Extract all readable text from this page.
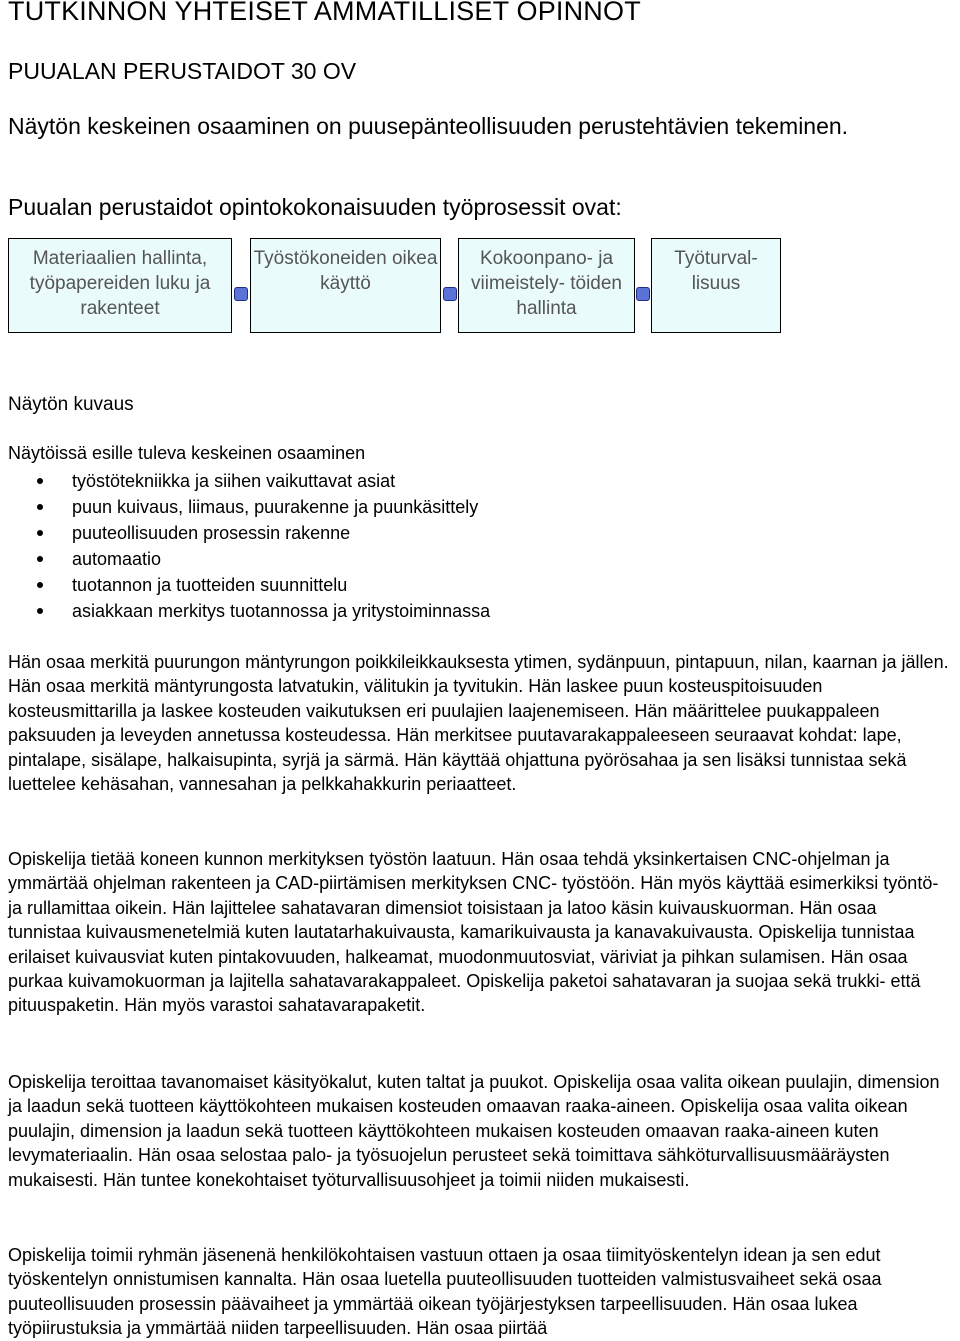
TUTKINNON YHTEISET AMMATILLISET OPINNOT
PUUALAN PERUSTAIDOT 30 OV
Näytön keskeinen osaaminen on puusepänteollisuuden perustehtävien tekeminen.
Puualan perustaidot opintokokonaisuuden työprosessit ovat:
Materiaalien hallinta, työpapereiden luku ja rakenteet
Työstökoneiden oikea käyttö
Kokoonpano- ja viimeistely- töiden hallinta
Työturval- lisuus
Näytön kuvaus
Näytöissä esille tuleva keskeinen osaaminen
työstötekniikka ja siihen vaikuttavat asiat
puun kuivaus, liimaus, puurakenne ja puunkäsittely
puuteollisuuden prosessin rakenne
automaatio
tuotannon ja tuotteiden suunnittelu
asiakkaan merkitys tuotannossa ja yritystoiminnassa

Hän osaa merkitä puurungon mäntyrungon poikkileikkauksesta ytimen, sydänpuun, pintapuun, nilan, kaarnan ja jällen. Hän osaa merkitä mäntyrungosta latvatukin, välitukin ja tyvitukin. Hän laskee puun kosteuspitoisuuden kosteusmittarilla ja laskee kosteuden vaikutuksen eri puulajien laajenemiseen. Hän määrittelee puukappaleen paksuuden ja leveyden annetussa kosteudessa. Hän merkitsee puutavarakappaleeseen seuraavat kohdat: lape, pintalape, sisälape, halkaisupinta, syrjä ja särmä. Hän käyttää ohjattuna pyörösahaa ja sen lisäksi tunnistaa sekä luettelee kehäsahan, vannesahan ja pelkkahakkurin periaatteet.

Opiskelija tietää koneen kunnon merkityksen työstön laatuun. Hän osaa tehdä yksinkertaisen CNC-ohjelman ja ymmärtää ohjelman rakenteen ja CAD-piirtämisen merkityksen CNC- työstöön. Hän myös käyttää esimerkiksi työntö- ja rullamittaa oikein. Hän lajittelee sahatavaran dimensiot toisistaan ja latoo käsin kuivauskuorman. Hän osaa tunnistaa kuivausmenetelmiä kuten lautatarhakuivausta, kamarikuivausta ja kanavakuivausta. Opiskelija tunnistaa erilaiset kuivausviat kuten pintakovuuden, halkeamat, muodonmuutosviat, väriviat ja pihkan sulamisen. Hän osaa purkaa kuivamokuorman ja lajitella sahatavarakappaleet. Opiskelija paketoi sahatavaran ja suojaa sekä trukki- että pituuspaketin. Hän myös varastoi sahatavarapaketit.

Opiskelija teroittaa tavanomaiset käsityökalut, kuten taltat ja puukot. Opiskelija osaa valita oikean puulajin, dimension ja laadun sekä tuotteen käyttökohteen mukaisen kosteuden omaavan raaka-aineen. Opiskelija osaa valita oikean puulajin, dimension ja laadun sekä tuotteen käyttökohteen mukaisen kosteuden omaavan raaka-aineen kuten levymateriaalin. Hän osaa selostaa palo- ja työsuojelun perusteet sekä toimittava sähköturvallisuusmääräysten mukaisesti. Hän tuntee konekohtaiset työturvallisuusohjeet ja toimii niiden mukaisesti.

Opiskelija toimii ryhmän jäsenenä henkilökohtaisen vastuun ottaen ja osaa tiimityöskentelyn idean ja sen edut työskentelyn onnistumisen kannalta. Hän osaa luetella puuteollisuuden tuotteiden valmistusvaiheet sekä osaa puuteollisuuden prosessin päävaiheet ja ymmärtää oikean työjärjestyksen tarpeellisuuden. Hän osaa lukea työpiirustuksia ja ymmärtää niiden tarpeellisuuden. Hän osaa piirtää
